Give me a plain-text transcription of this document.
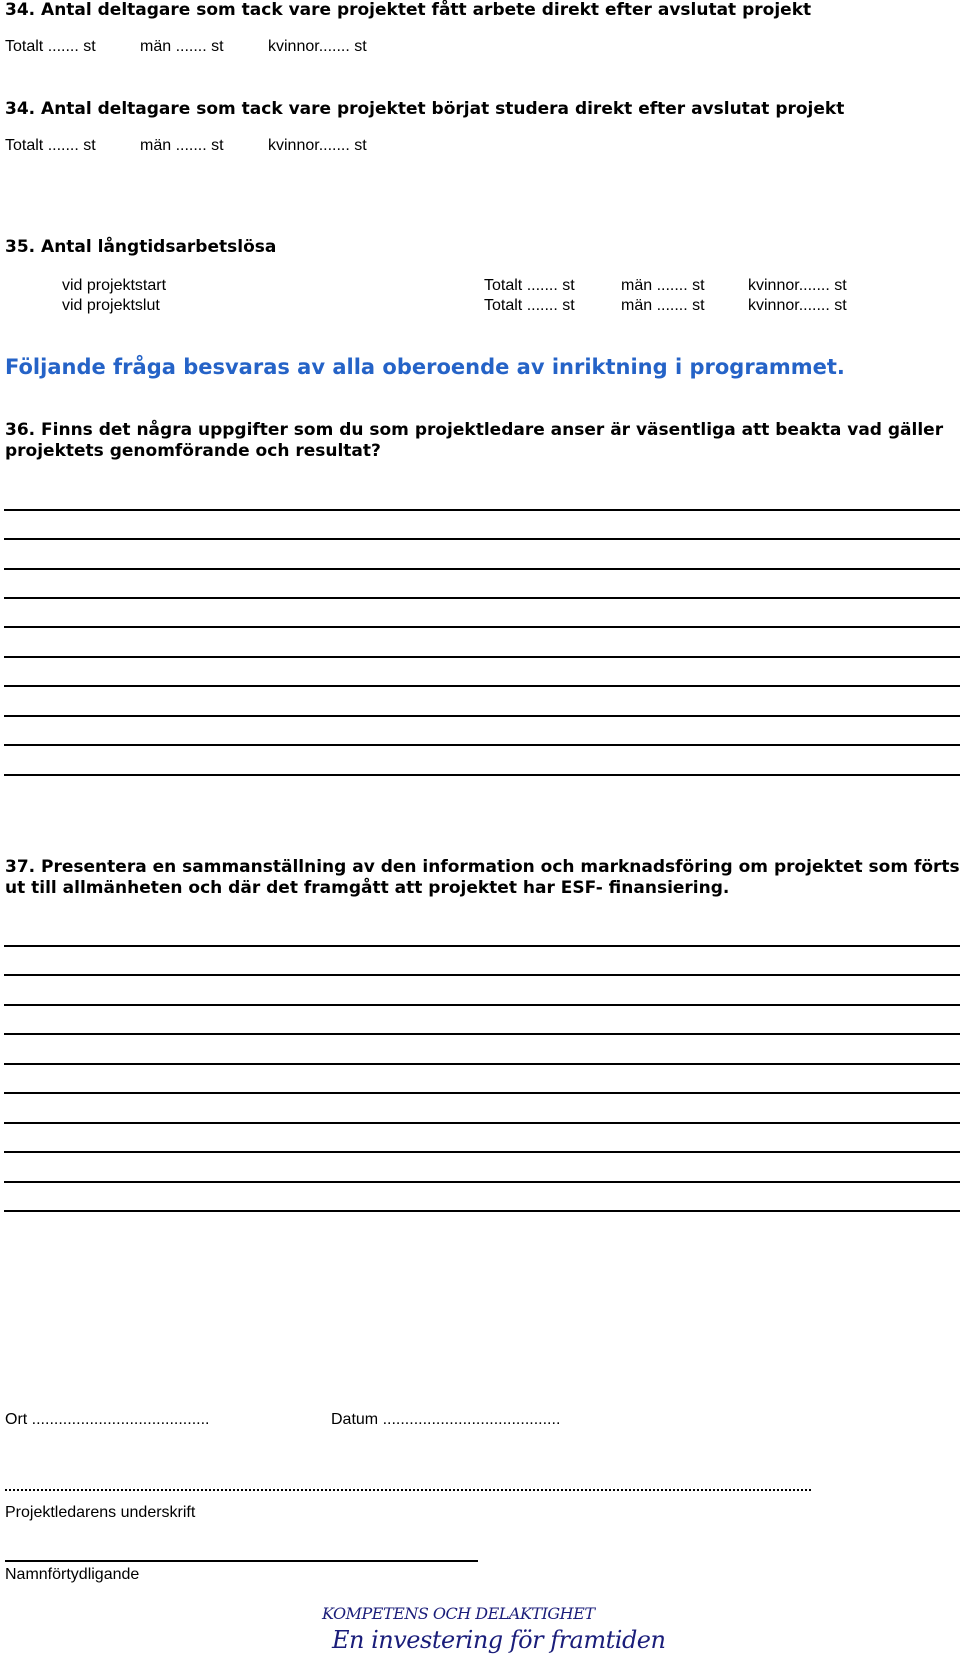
34. Antal deltagare som tack vare projektet fått arbete direkt efter avslutat projekt
Totalt ....... st	män ....... st	kvinnor....... st
34. Antal deltagare som tack vare projektet börjat studera direkt efter avslutat projekt
Totalt ....... st	män ....... st	kvinnor....... st
35. Antal långtidsarbetslösa
vid projektstart	Totalt ....... st	män ....... st	kvinnor....... st
vid projektslut	Totalt ....... st	män ....... st	kvinnor....... st
Följande fråga besvaras av alla oberoende av inriktning i programmet.
36. Finns det några uppgifter som du som projektledare anser är väsentliga att beakta vad gäller
projektets genomförande och resultat?
37. Presentera en sammanställning av den information och marknadsföring om projektet som förts
ut till allmänheten och där det framgått att projektet har ESF- finansiering.
Ort ........................................	Datum ........................................
Projektledarens underskrift
Namnförtydligande
KOMPETENS OCH DELAKTIGHET
En investering för framtiden
